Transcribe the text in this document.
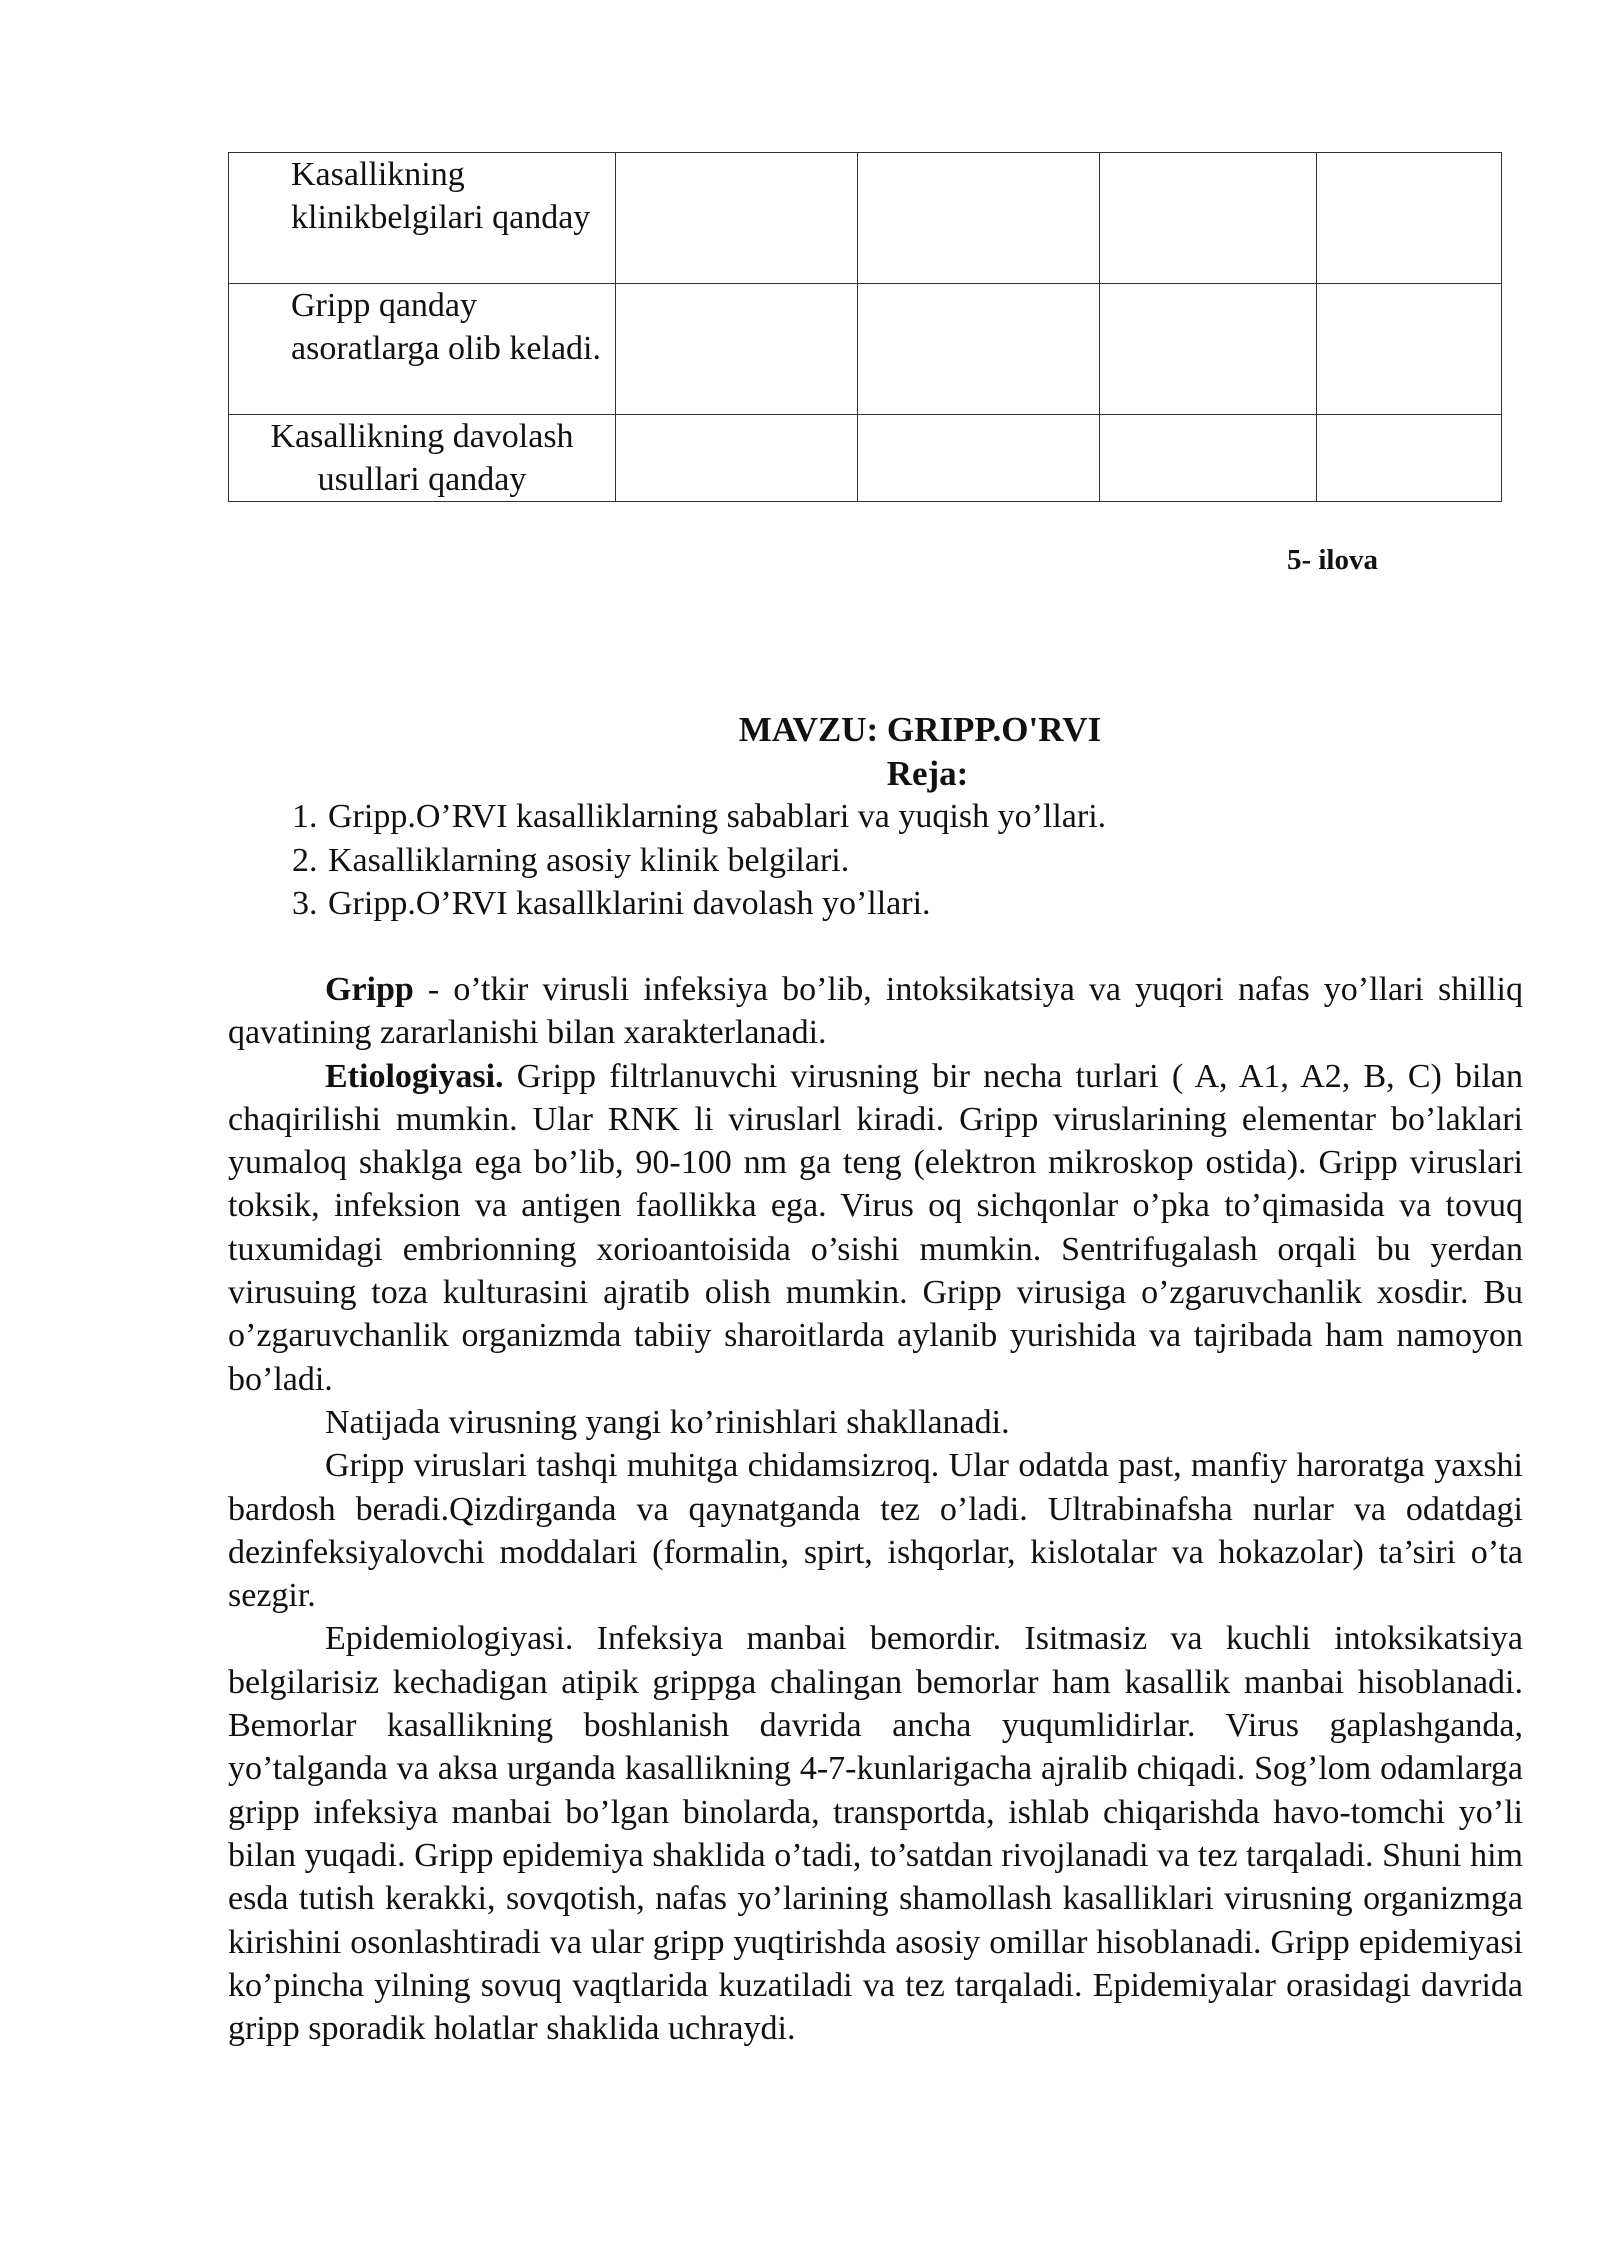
Kasallikning klinikbelgilari qanday				
Gripp qanday asoratlarga olib keladi.				
Kasallikning davolash usullari qanday				
5- ilova
MAVZU: GRIPP.O'RVI
Reja:
1. Gripp.O’RVI kasalliklarning sabablari va yuqish yo’llari.
2. Kasalliklarning asosiy klinik belgilari.
3. Gripp.O’RVI kasallklarini davolash yo’llari.

Gripp - o’tkir virusli infeksiya bo’lib, intoksikatsiya va yuqori nafas yo’llari shilliq qavatining zararlanishi bilan xarakterlanadi.

Etiologiyasi. Gripp filtrlanuvchi virusning bir necha turlari ( A, A1, A2, B, C) bilan chaqirilishi mumkin. Ular RNK li viruslarl kiradi. Gripp viruslarining elementar bo’laklari yumaloq shaklga ega bo’lib, 90-100 nm ga teng (elektron mikroskop ostida). Gripp viruslari toksik, infeksion va antigen faollikka ega. Virus oq sichqonlar o’pka to’qimasida va tovuq tuxumidagi embrionning xorioantoisida o’sishi mumkin. Sentrifugalash orqali bu yerdan virusuing toza kulturasini ajratib olish mumkin. Gripp virusiga o’zgaruvchanlik xosdir. Bu o’zgaruvchanlik organizmda tabiiy sharoitlarda aylanib yurishida va tajribada ham namoyon bo’ladi.

Natijada virusning yangi ko’rinishlari shakllanadi.

Gripp viruslari tashqi muhitga chidamsizroq. Ular odatda past, manfiy haroratga yaxshi bardosh beradi.Qizdirganda va qaynatganda tez o’ladi. Ultrabinafsha nurlar va odatdagi dezinfeksiyalovchi moddalari (formalin, spirt, ishqorlar, kislotalar va hokazolar) ta’siri o’ta sezgir.

Epidemiologiyasi. Infeksiya manbai bemordir. Isitmasiz va kuchli intoksikatsiya belgilarisiz kechadigan atipik grippga chalingan bemorlar ham kasallik manbai hisoblanadi. Bemorlar kasallikning boshlanish davrida ancha yuqumlidirlar. Virus gaplashganda, yo’talganda va aksa urganda kasallikning 4-7-kunlarigacha ajralib chiqadi. Sog’lom odamlarga gripp infeksiya manbai bo’lgan binolarda, transportda, ishlab chiqarishda havo-tomchi yo’li bilan yuqadi. Gripp epidemiya shaklida o’tadi, to’satdan rivojlanadi va tez tarqaladi. Shuni him esda tutish kerakki, sovqotish, nafas yo’larining shamollash kasalliklari virusning organizmga kirishini osonlashtiradi va ular gripp yuqtirishda asosiy omillar hisoblanadi. Gripp epidemiyasi ko’pincha yilning sovuq vaqtlarida kuzatiladi va tez tarqaladi. Epidemiyalar orasidagi davrida gripp sporadik holatlar shaklida uchraydi.
